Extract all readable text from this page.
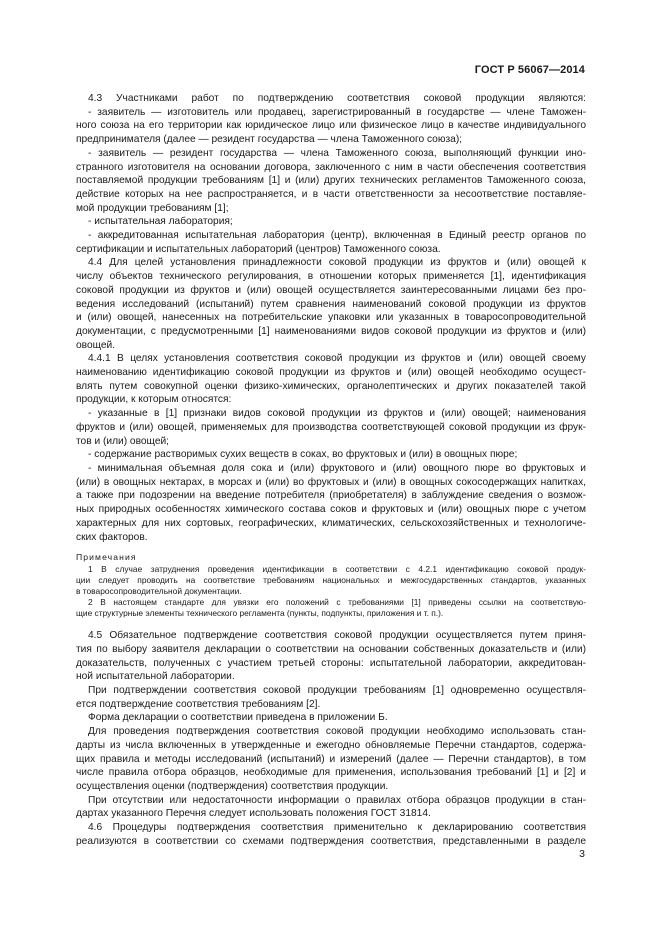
ГОСТ Р 56067—2014
4.3 Участниками работ по подтверждению соответствия соковой продукции являются:
- заявитель — изготовитель или продавец, зарегистрированный в государстве — члене Таможен-
ного союза на его территории как юридическое лицо или физическое лицо в качестве индивидуального
предпринимателя (далее — резидент государства — члена Таможенного союза);
- заявитель — резидент государства — члена Таможенного союза, выполняющий функции ино-
странного изготовителя на основании договора, заключенного с ним в части обеспечения соответствия
поставляемой продукции требованиям [1] и (или) других технических регламентов Таможенного союза,
действие которых на нее распространяется, и в части ответственности за несоответствие поставляе-
мой продукции требованиям [1];
- испытательная лаборатория;
- аккредитованная испытательная лаборатория (центр), включенная в Единый реестр органов по
сертификации и испытательных лабораторий (центров) Таможенного союза.
4.4 Для целей установления принадлежности соковой продукции из фруктов и (или) овощей к
числу объектов технического регулирования, в отношении которых применяется [1], идентификация
соковой продукции из фруктов и (или) овощей осуществляется заинтересованными лицами без про-
ведения исследований (испытаний) путем сравнения наименований соковой продукции из фруктов
и (или) овощей, нанесенных на потребительские упаковки или указанных в товаросопроводительной
документации, с предусмотренными [1] наименованиями видов соковой продукции из фруктов и (или)
овощей.
4.4.1 В целях установления соответствия соковой продукции из фруктов и (или) овощей своему
наименованию идентификацию соковой продукции из фруктов и (или) овощей необходимо осущест-
влять путем совокупной оценки физико-химических, органолептических и других показателей такой
продукции, к которым относятся:
- указанные в [1] признаки видов соковой продукции из фруктов и (или) овощей; наименования
фруктов и (или) овощей, применяемых для производства соответствующей соковой продукции из фрук-
тов и (или) овощей;
- содержание растворимых сухих веществ в соках, во фруктовых и (или) в овощных пюре;
- минимальная объемная доля сока и (или) фруктового и (или) овощного пюре во фруктовых и
(или) в овощных нектарах, в морсах и (или) во фруктовых и (или) в овощных сокосодержащих напитках,
а также при подозрении на введение потребителя (приобретателя) в заблуждение сведения о возмож-
ных природных особенностях химического состава соков и фруктовых и (или) овощных пюре с учетом
характерных для них сортовых, географических, климатических, сельскохозяйственных и технологиче-
ских факторов.
Примечания
1 В случае затруднения проведения идентификации в соответствии с 4.2.1 идентификацию соковой продук-
ции следует проводить на соответствие требованиям национальных и межгосударственных стандартов, указанных
в товаросопроводительной документации.
2 В настоящем стандарте для увязки его положений с требованиями [1] приведены ссылки на соответствую-
щие структурные элементы технического регламента (пункты, подпункты, приложения и т. п.).
4.5 Обязательное подтверждение соответствия соковой продукции осуществляется путем приня-
тия по выбору заявителя декларации о соответствии на основании собственных доказательств и (или)
доказательств, полученных с участием третьей стороны: испытательной лаборатории, аккредитован-
ной испытательной лаборатории.
При подтверждении соответствия соковой продукции требованиям [1] одновременно осуществля-
ется подтверждение соответствия требованиям [2].
Форма декларации о соответствии приведена в приложении Б.
Для проведения подтверждения соответствия соковой продукции необходимо использовать стан-
дарты из числа включенных в утвержденные и ежегодно обновляемые Перечни стандартов, содержа-
щих правила и методы исследований (испытаний) и измерений (далее — Перечни стандартов), в том
числе правила отбора образцов, необходимые для применения, использования требований [1] и [2] и
осуществления оценки (подтверждения) соответствия продукции.
При отсутствии или недостаточности информации о правилах отбора образцов продукции в стан-
дартах указанного Перечня следует использовать положения ГОСТ 31814.
4.6 Процедуры подтверждения соответствия применительно к декларированию соответствия
реализуются в соответствии со схемами подтверждения соответствия, представленными в разделе
3
